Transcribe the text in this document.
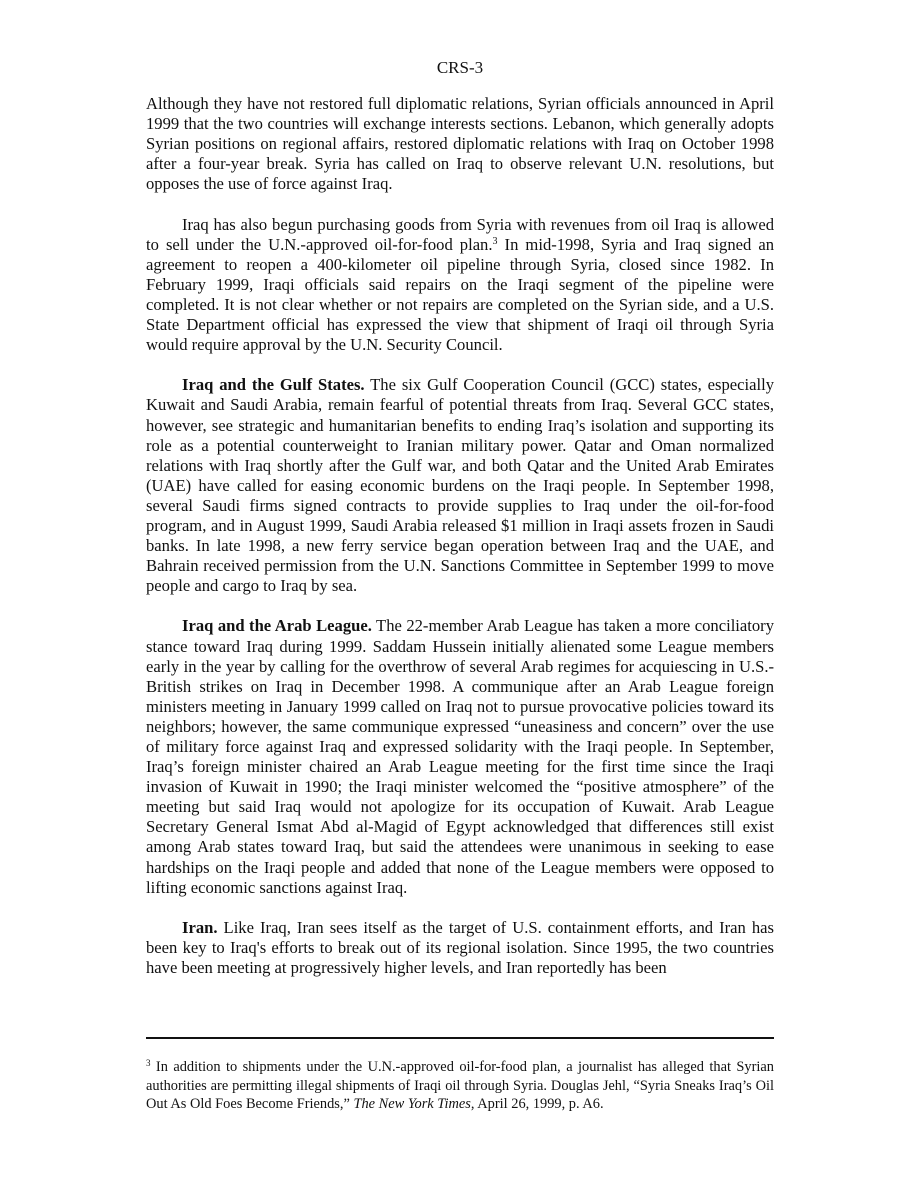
CRS-3

Although they have not restored full diplomatic relations, Syrian officials announced in April 1999 that the two countries will exchange interests sections. Lebanon, which generally adopts Syrian positions on regional affairs, restored diplomatic relations with Iraq on October 1998 after a four-year break. Syria has called on Iraq to observe relevant U.N. resolutions, but opposes the use of force against Iraq.

Iraq has also begun purchasing goods from Syria with revenues from oil Iraq is allowed to sell under the U.N.-approved oil-for-food plan.$^3$ In mid-1998, Syria and Iraq signed an agreement to reopen a 400-kilometer oil pipeline through Syria, closed since 1982. In February 1999, Iraqi officials said repairs on the Iraqi segment of the pipeline were completed. It is not clear whether or not repairs are completed on the Syrian side, and a U.S. State Department official has expressed the view that shipment of Iraqi oil through Syria would require approval by the U.N. Security Council.

Iraq and the Gulf States. The six Gulf Cooperation Council (GCC) states, especially Kuwait and Saudi Arabia, remain fearful of potential threats from Iraq. Several GCC states, however, see strategic and humanitarian benefits to ending Iraq’s isolation and supporting its role as a potential counterweight to Iranian military power. Qatar and Oman normalized relations with Iraq shortly after the Gulf war, and both Qatar and the United Arab Emirates (UAE) have called for easing economic burdens on the Iraqi people. In September 1998, several Saudi firms signed contracts to provide supplies to Iraq under the oil-for-food program, and in August 1999, Saudi Arabia released $1 million in Iraqi assets frozen in Saudi banks. In late 1998, a new ferry service began operation between Iraq and the UAE, and Bahrain received permission from the U.N. Sanctions Committee in September 1999 to move people and cargo to Iraq by sea.

Iraq and the Arab League. The 22-member Arab League has taken a more conciliatory stance toward Iraq during 1999. Saddam Hussein initially alienated some League members early in the year by calling for the overthrow of several Arab regimes for acquiescing in U.S.-British strikes on Iraq in December 1998. A communique after an Arab League foreign ministers meeting in January 1999 called on Iraq not to pursue provocative policies toward its neighbors; however, the same communique expressed “uneasiness and concern” over the use of military force against Iraq and expressed solidarity with the Iraqi people. In September, Iraq’s foreign minister chaired an Arab League meeting for the first time since the Iraqi invasion of Kuwait in 1990; the Iraqi minister welcomed the “positive atmosphere” of the meeting but said Iraq would not apologize for its occupation of Kuwait. Arab League Secretary General Ismat Abd al-Magid of Egypt acknowledged that differences still exist among Arab states toward Iraq, but said the attendees were unanimous in seeking to ease hardships on the Iraqi people and added that none of the League members were opposed to lifting economic sanctions against Iraq.

Iran. Like Iraq, Iran sees itself as the target of U.S. containment efforts, and Iran has been key to Iraq's efforts to break out of its regional isolation. Since 1995, the two countries have been meeting at progressively higher levels, and Iran reportedly has been

$^3$ In addition to shipments under the U.N.-approved oil-for-food plan, a journalist has alleged that Syrian authorities are permitting illegal shipments of Iraqi oil through Syria. Douglas Jehl, “Syria Sneaks Iraq’s Oil Out As Old Foes Become Friends,” The New York Times, April 26, 1999, p. A6.
